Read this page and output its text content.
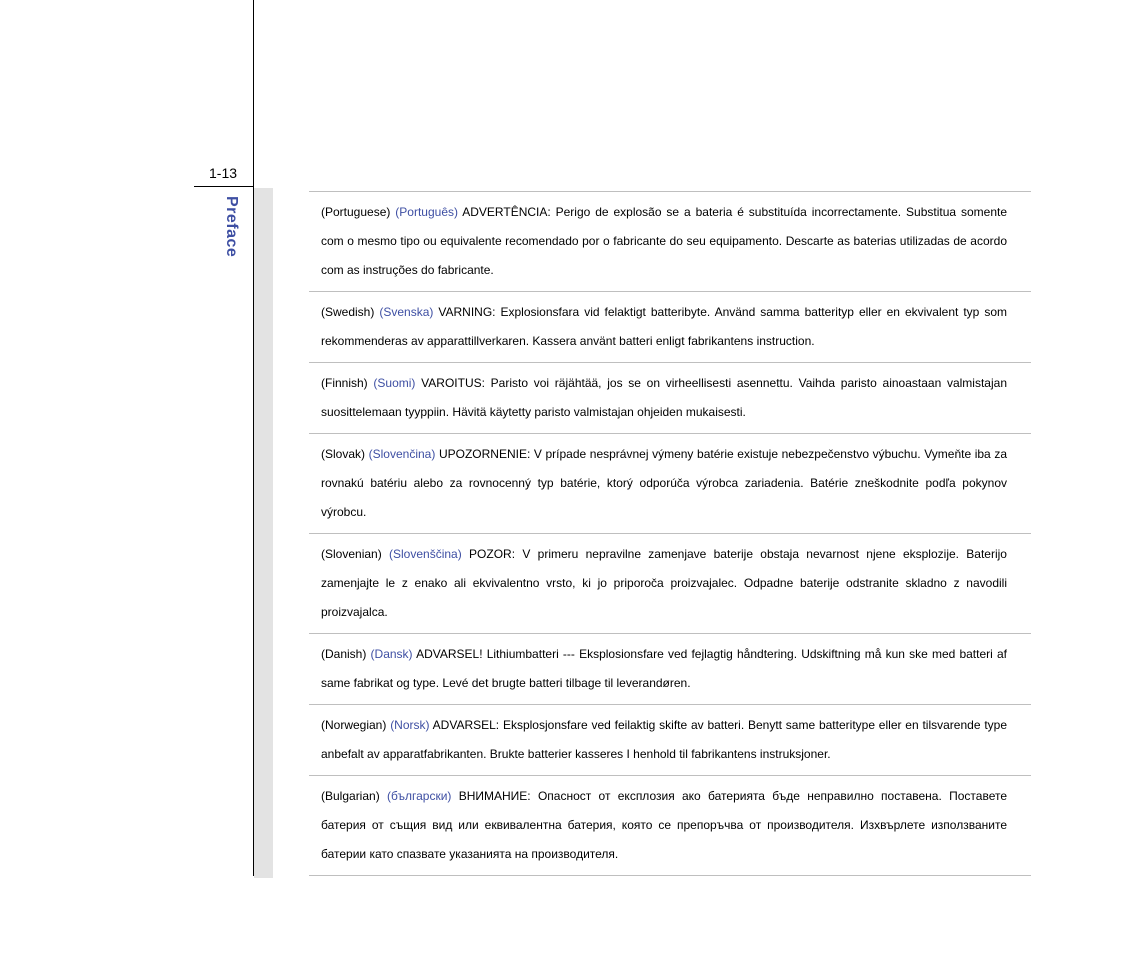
1-13
Preface	(Portuguese) (Português) ADVERTÊNCIA: Perigo de explosão se a bateria é substituída incorrectamente. Substitua somente com o mesmo tipo ou equivalente recomendado por o fabricante do seu equipamento. Descarte as baterias utilizadas de acordo com as instruções do fabricante.

(Swedish) (Svenska) VARNING: Explosionsfara vid felaktigt batteribyte. Använd samma batterityp eller en ekvivalent typ som rekommenderas av apparattillverkaren. Kassera använt batteri enligt fabrikantens instruction.

(Finnish) (Suomi) VAROITUS: Paristo voi räjähtää, jos se on virheellisesti asennettu. Vaihda paristo ainoastaan valmistajan suosittelemaan tyyppiin. Hävitä käytetty paristo valmistajan ohjeiden mukaisesti.

(Slovak) (Slovenčina) UPOZORNENIE: V prípade nesprávnej výmeny batérie existuje nebezpečenstvo výbuchu. Vymeňte iba za rovnakú batériu alebo za rovnocenný typ batérie, ktorý odporúča výrobca zariadenia. Batérie zneškodnite podľa pokynov výrobcu.

(Slovenian) (Slovenščina) POZOR: V primeru nepravilne zamenjave baterije obstaja nevarnost njene eksplozije. Baterijo zamenjajte le z enako ali ekvivalentno vrsto, ki jo priporoča proizvajalec. Odpadne baterije odstranite skladno z navodili proizvajalca.

(Danish) (Dansk) ADVARSEL! Lithiumbatteri --- Eksplosionsfare ved fejlagtig håndtering. Udskiftning må kun ske med batteri af same fabrikat og type. Levé det brugte batteri tilbage til leverandøren.

(Norwegian) (Norsk) ADVARSEL: Eksplosjonsfare ved feilaktig skifte av batteri. Benytt same batteritype eller en tilsvarende type anbefalt av apparatfabrikanten. Brukte batterier kasseres I henhold til fabrikantens instruksjoner.

(Bulgarian) (български) ВНИМАНИЕ: Опасност от експлозия ако батерията бъде неправилно поставена. Поставете батерия от същия вид или еквивалентна батерия, която се препоръчва от производителя. Изхвърлете използваните батерии като спазвате указанията на производителя.
